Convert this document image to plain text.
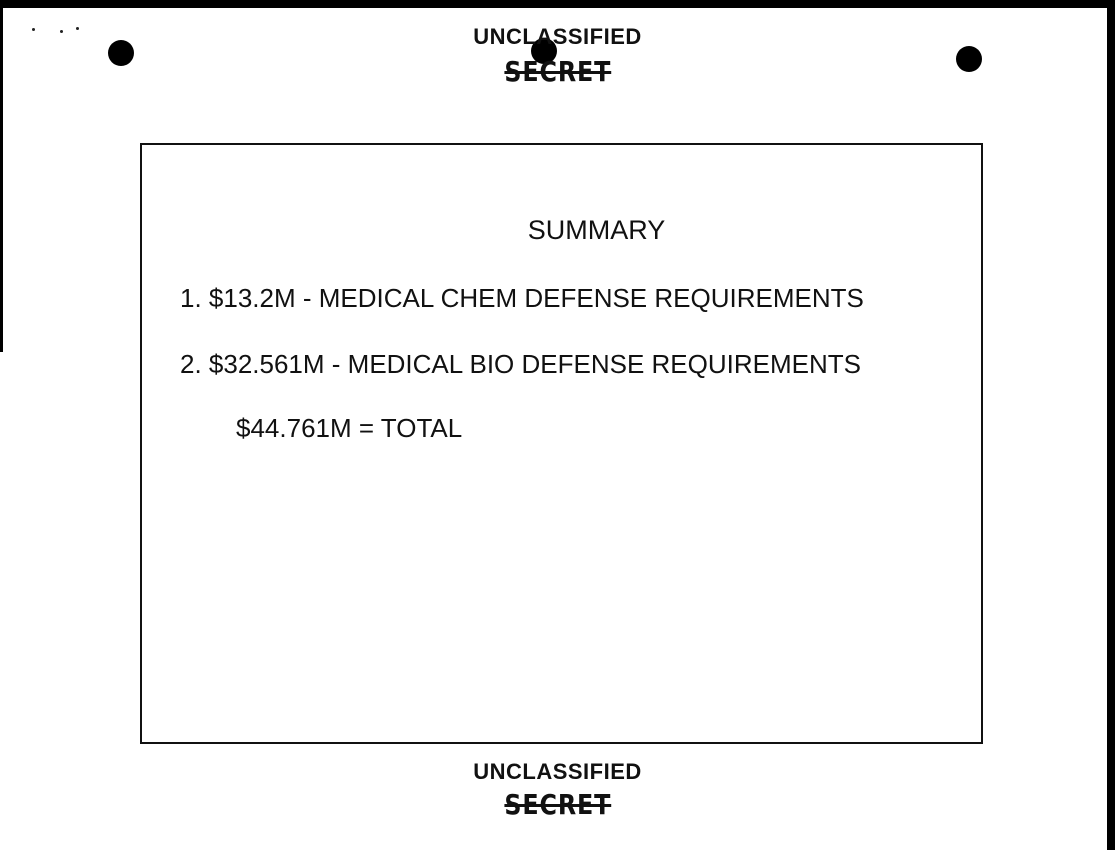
UNCLASSIFIED
SECRET
SUMMARY
1. $13.2M - MEDICAL CHEM DEFENSE REQUIREMENTS
2. $32.561M - MEDICAL BIO DEFENSE REQUIREMENTS
$44.761M = TOTAL
UNCLASSIFIED
SECRET
